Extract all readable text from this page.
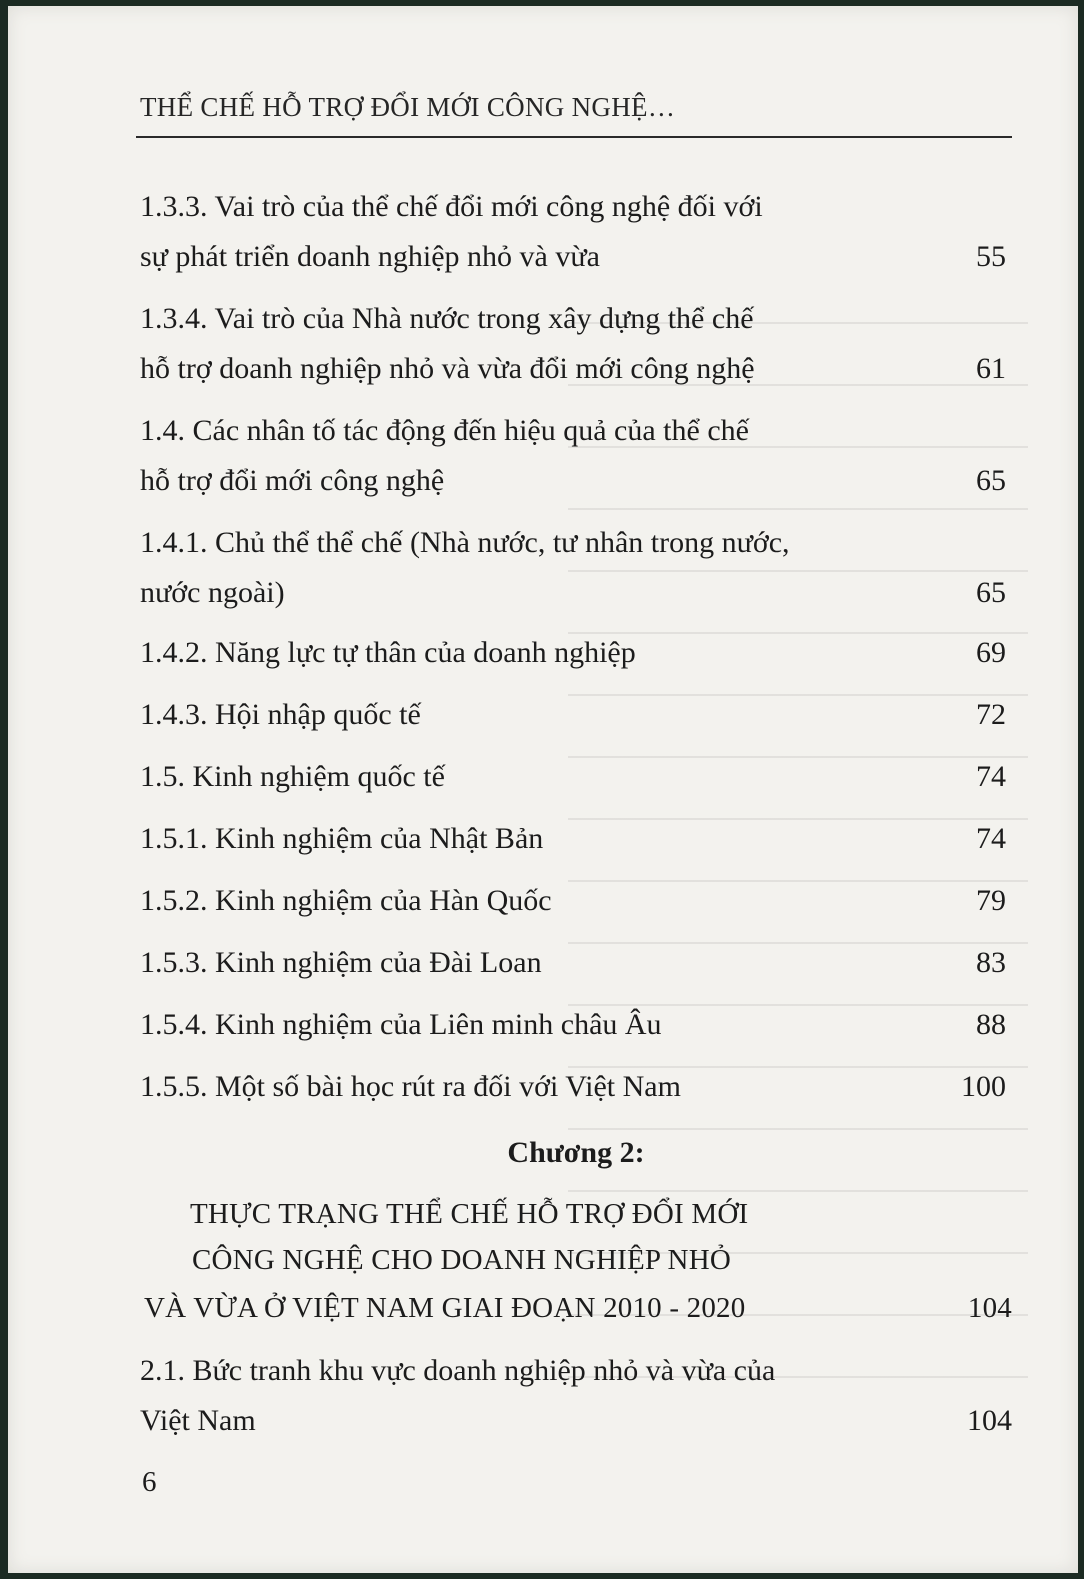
THỂ CHẾ HỖ TRỢ ĐỔI MỚI CÔNG NGHỆ…
1.3.3. Vai trò của thể chế đổi mới công nghệ đối với
sự phát triển doanh nghiệp nhỏ và vừa	55
1.3.4. Vai trò của Nhà nước trong xây dựng thể chế
hỗ trợ doanh nghiệp nhỏ và vừa đổi mới công nghệ	61
1.4. Các nhân tố tác động đến hiệu quả của thể chế
hỗ trợ đổi mới công nghệ	65
1.4.1. Chủ thể thể chế (Nhà nước, tư nhân trong nước,
nước ngoài)	65
1.4.2. Năng lực tự thân của doanh nghiệp	69
1.4.3. Hội nhập quốc tế	72
1.5. Kinh nghiệm quốc tế	74
1.5.1. Kinh nghiệm của Nhật Bản	74
1.5.2. Kinh nghiệm của Hàn Quốc	79
1.5.3. Kinh nghiệm của Đài Loan	83
1.5.4. Kinh nghiệm của Liên minh châu Âu	88
1.5.5. Một số bài học rút ra đối với Việt Nam	100
Chương 2:
THỰC TRẠNG THỂ CHẾ HỖ TRỢ ĐỔI MỚI
CÔNG NGHỆ CHO DOANH NGHIỆP NHỎ
VÀ VỪA Ở VIỆT NAM GIAI ĐOẠN 2010 - 2020	104
2.1. Bức tranh khu vực doanh nghiệp nhỏ và vừa của
Việt Nam	104
6
